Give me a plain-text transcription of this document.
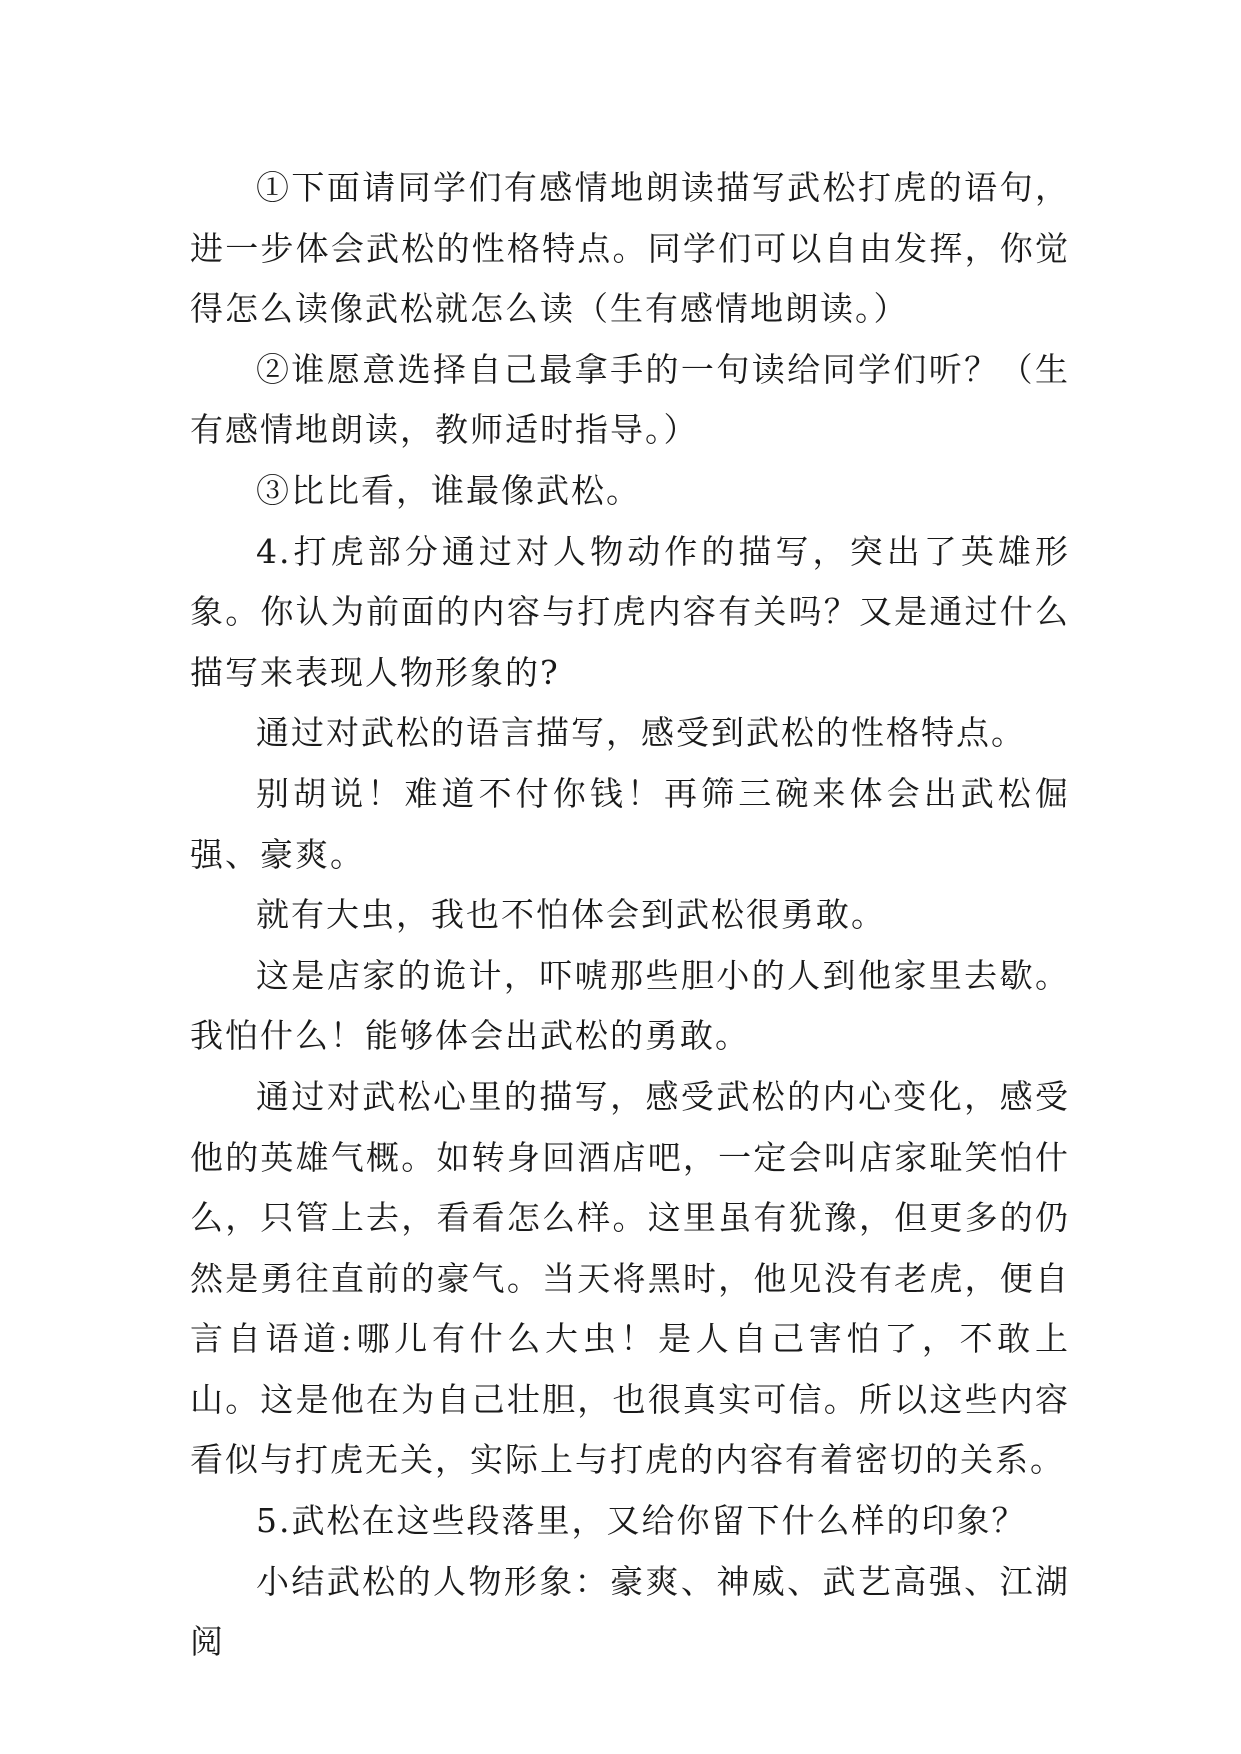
①下面请同学们有感情地朗读描写武松打虎的语句，进一步体会武松的性格特点。同学们可以自由发挥，你觉得怎么读像武松就怎么读（生有感情地朗读。）

②谁愿意选择自己最拿手的一句读给同学们听？（生有感情地朗读，教师适时指导。）

③比比看，谁最像武松。

4.打虎部分通过对人物动作的描写，突出了英雄形象。你认为前面的内容与打虎内容有关吗？又是通过什么描写来表现人物形象的?

通过对武松的语言描写，感受到武松的性格特点。

别胡说！难道不付你钱！再筛三碗来体会出武松倔强、豪爽。

就有大虫，我也不怕体会到武松很勇敢。

这是店家的诡计，吓唬那些胆小的人到他家里去歇。我怕什么！能够体会出武松的勇敢。

通过对武松心里的描写，感受武松的内心变化，感受他的英雄气概。如转身回酒店吧，一定会叫店家耻笑怕什么，只管上去，看看怎么样。这里虽有犹豫，但更多的仍然是勇往直前的豪气。当天将黑时，他见没有老虎，便自言自语道:哪儿有什么大虫！是人自己害怕了，不敢上山。这是他在为自己壮胆，也很真实可信。所以这些内容看似与打虎无关，实际上与打虎的内容有着密切的关系。

5.武松在这些段落里，又给你留下什么样的印象？

小结武松的人物形象：豪爽、神威、武艺高强、江湖阅
